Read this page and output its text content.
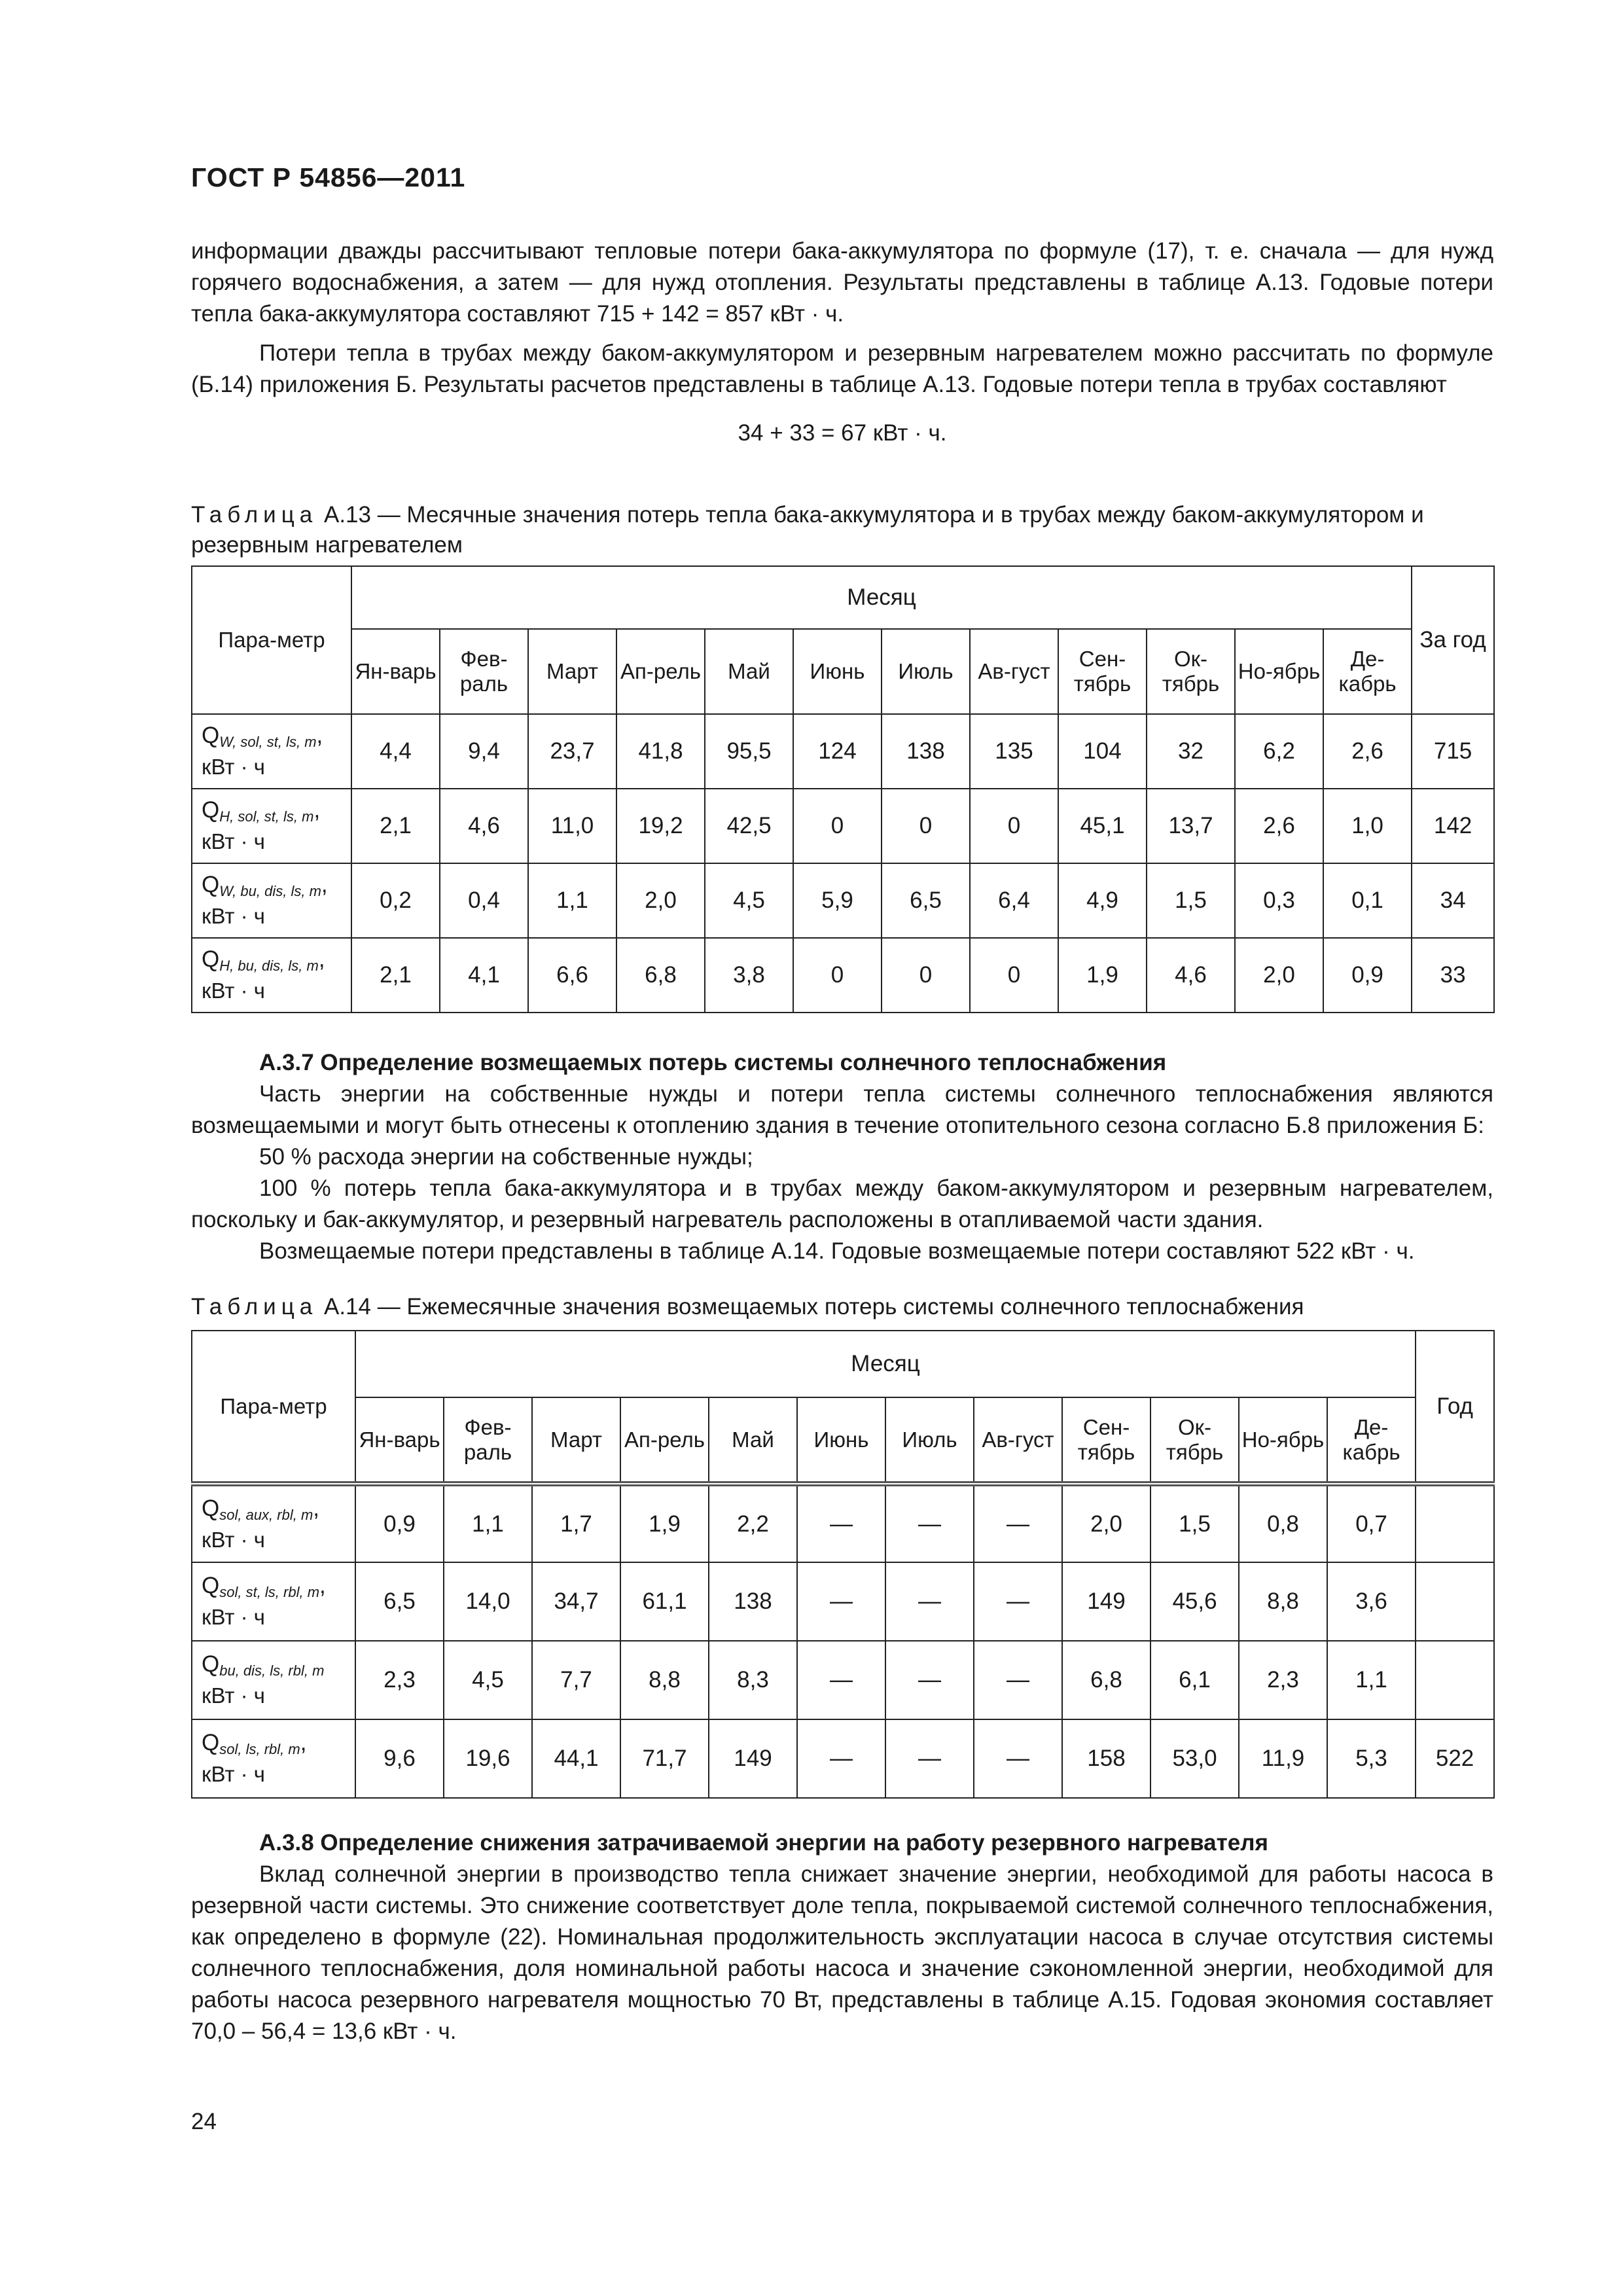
ГОСТ Р 54856—2011

информации дважды рассчитывают тепловые потери бака-аккумулятора по формуле (17), т. е. сначала — для нужд горячего водоснабжения, а затем — для нужд отопления. Результаты представлены в таблице А.13. Годовые потери тепла бака-аккумулятора составляют 715 + 142 = 857 кВт · ч.

Потери тепла в трубах между баком-аккумулятором и резервным нагревателем можно рассчитать по формуле (Б.14) приложения Б. Результаты расчетов представлены в таблице А.13. Годовые потери тепла в трубах составляют

34 + 33 = 67 кВт · ч.

Таблица А.13 — Месячные значения потерь тепла бака-аккумулятора и в трубах между баком-аккумулятором и резервным нагревателем
Пара-метр	Месяц												За год
	Ян-варь	Фев-раль	Март	Ап-рель	Май	Июнь	Июль	Ав-густ	Сен-тябрь	Ок-тябрь	Но-ябрь	Де-кабрь	
QW, sol, st, ls, m,
кВт · ч	4,4	9,4	23,7	41,8	95,5	124	138	135	104	32	6,2	2,6	715
QH, sol, st, ls, m,
кВт · ч	2,1	4,6	11,0	19,2	42,5	0	0	0	45,1	13,7	2,6	1,0	142
QW, bu, dis, ls, m,
кВт · ч	0,2	0,4	1,1	2,0	4,5	5,9	6,5	6,4	4,9	1,5	0,3	0,1	34
QH, bu, dis, ls, m,
кВт · ч	2,1	4,1	6,6	6,8	3,8	0	0	0	1,9	4,6	2,0	0,9	33

А.3.7 Определение возмещаемых потерь системы солнечного теплоснабжения

Часть энергии на собственные нужды и потери тепла системы солнечного теплоснабжения являются возмещаемыми и могут быть отнесены к отоплению здания в течение отопительного сезона согласно Б.8 приложения Б:

50 % расхода энергии на собственные нужды;

100 % потерь тепла бака-аккумулятора и в трубах между баком-аккумулятором и резервным нагревателем, поскольку и бак-аккумулятор, и резервный нагреватель расположены в отапливаемой части здания.

Возмещаемые потери представлены в таблице А.14. Годовые возмещаемые потери составляют 522 кВт · ч.

Таблица А.14 — Ежемесячные значения возмещаемых потерь системы солнечного теплоснабжения
Пара-метр	Месяц												Год
	Ян-варь	Фев-раль	Март	Ап-рель	Май	Июнь	Июль	Ав-густ	Сен-тябрь	Ок-тябрь	Но-ябрь	Де-кабрь	
Qsol, aux, rbl, m,
кВт · ч	0,9	1,1	1,7	1,9	2,2	—	—	—	2,0	1,5	0,8	0,7	
Qsol, st, ls, rbl, m,
кВт · ч	6,5	14,0	34,7	61,1	138	—	—	—	149	45,6	8,8	3,6	
Qbu, dis, ls, rbl, m
кВт · ч	2,3	4,5	7,7	8,8	8,3	—	—	—	6,8	6,1	2,3	1,1	
Qsol, ls, rbl, m,
кВт · ч	9,6	19,6	44,1	71,7	149	—	—	—	158	53,0	11,9	5,3	522

А.3.8 Определение снижения затрачиваемой энергии на работу резервного нагревателя

Вклад солнечной энергии в производство тепла снижает значение энергии, необходимой для работы насоса в резервной части системы. Это снижение соответствует доле тепла, покрываемой системой солнечного теплоснабжения, как определено в формуле (22). Номинальная продолжительность эксплуатации насоса в случае отсутствия системы солнечного теплоснабжения, доля номинальной работы насоса и значение сэкономленной энергии, необходимой для работы насоса резервного нагревателя мощностью 70 Вт, представлены в таблице А.15. Годовая экономия составляет 70,0 – 56,4 = 13,6 кВт · ч.

24
